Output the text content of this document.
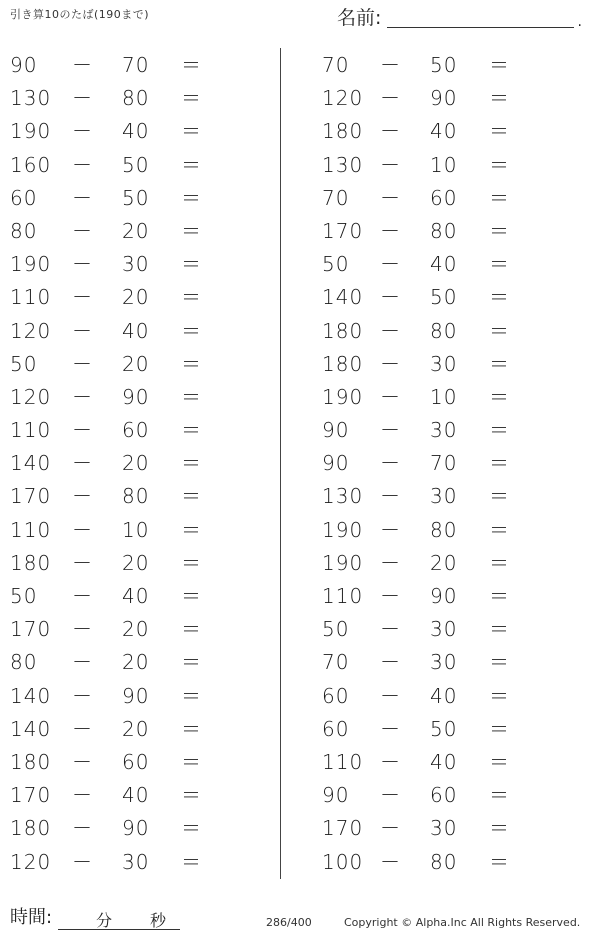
引き算10のたば(190まで)	名前:	.
90	－ 70	＝
130 － 80	＝
190 － 40	＝
160 － 50	＝
60	－ 50	＝
80	－ 20	＝
190 － 30	＝
110 － 20	＝
120 － 40	＝
50	－ 20	＝
120 － 90	＝
110 － 60	＝
140 － 20	＝
170 － 80	＝
110 － 10	＝
180 － 20	＝
50	－ 40	＝
170 － 20	＝
80	－ 20	＝
140 － 90	＝
140 － 20	＝
180 － 60	＝
170 － 40	＝
180 － 90	＝
120 － 30	＝
70	－ 50	＝
120 － 90	＝
180 － 40	＝
130 － 10	＝
70	－ 60	＝
170 － 80	＝
50	－ 40	＝
140 － 50	＝
180 － 80	＝
180 － 30	＝
190 － 10	＝
90	－ 30	＝
90	－ 70	＝
130 － 30	＝
190 － 80	＝
190 － 20	＝
110 － 90	＝
50	－ 30	＝
70	－ 30	＝
60	－ 40	＝
60	－ 50	＝
110 － 40	＝
90	－ 60	＝
170 － 30	＝
100 － 80	＝
時間:	分 秒	286/400	Copyright © Alpha.Inc All Rights Reserved.
